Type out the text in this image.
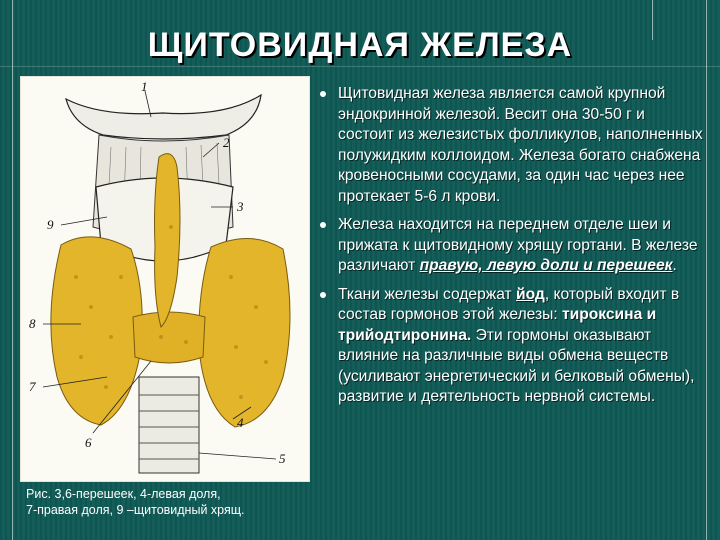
ЩИТОВИДНАЯ ЖЕЛЕЗА
1
2
3
9
8
7
6
4
5
Рис. 3,6-перешеек, 4-левая доля,
7-правая доля, 9 –щитовидный хрящ.
Щитовидная железа является самой крупной эндокринной железой. Весит она 30-50 г и состоит из железистых фолликулов, наполненных полужидким коллоидом. Железа богато снабжена кровеносными сосудами, за один час через нее протекает 5-6 л крови.
Железа находится на переднем отделе шеи и прижата к щитовидному хрящу гортани. В железе различают правую, левую доли и перешеек.
Ткани железы содержат йод, который входит в состав гормонов этой железы: тироксина и трийодтиронина. Эти гормоны оказывают влияние на различные виды обмена веществ (усиливают энергетический и белковый обмены), развитие и деятельность нервной системы.
